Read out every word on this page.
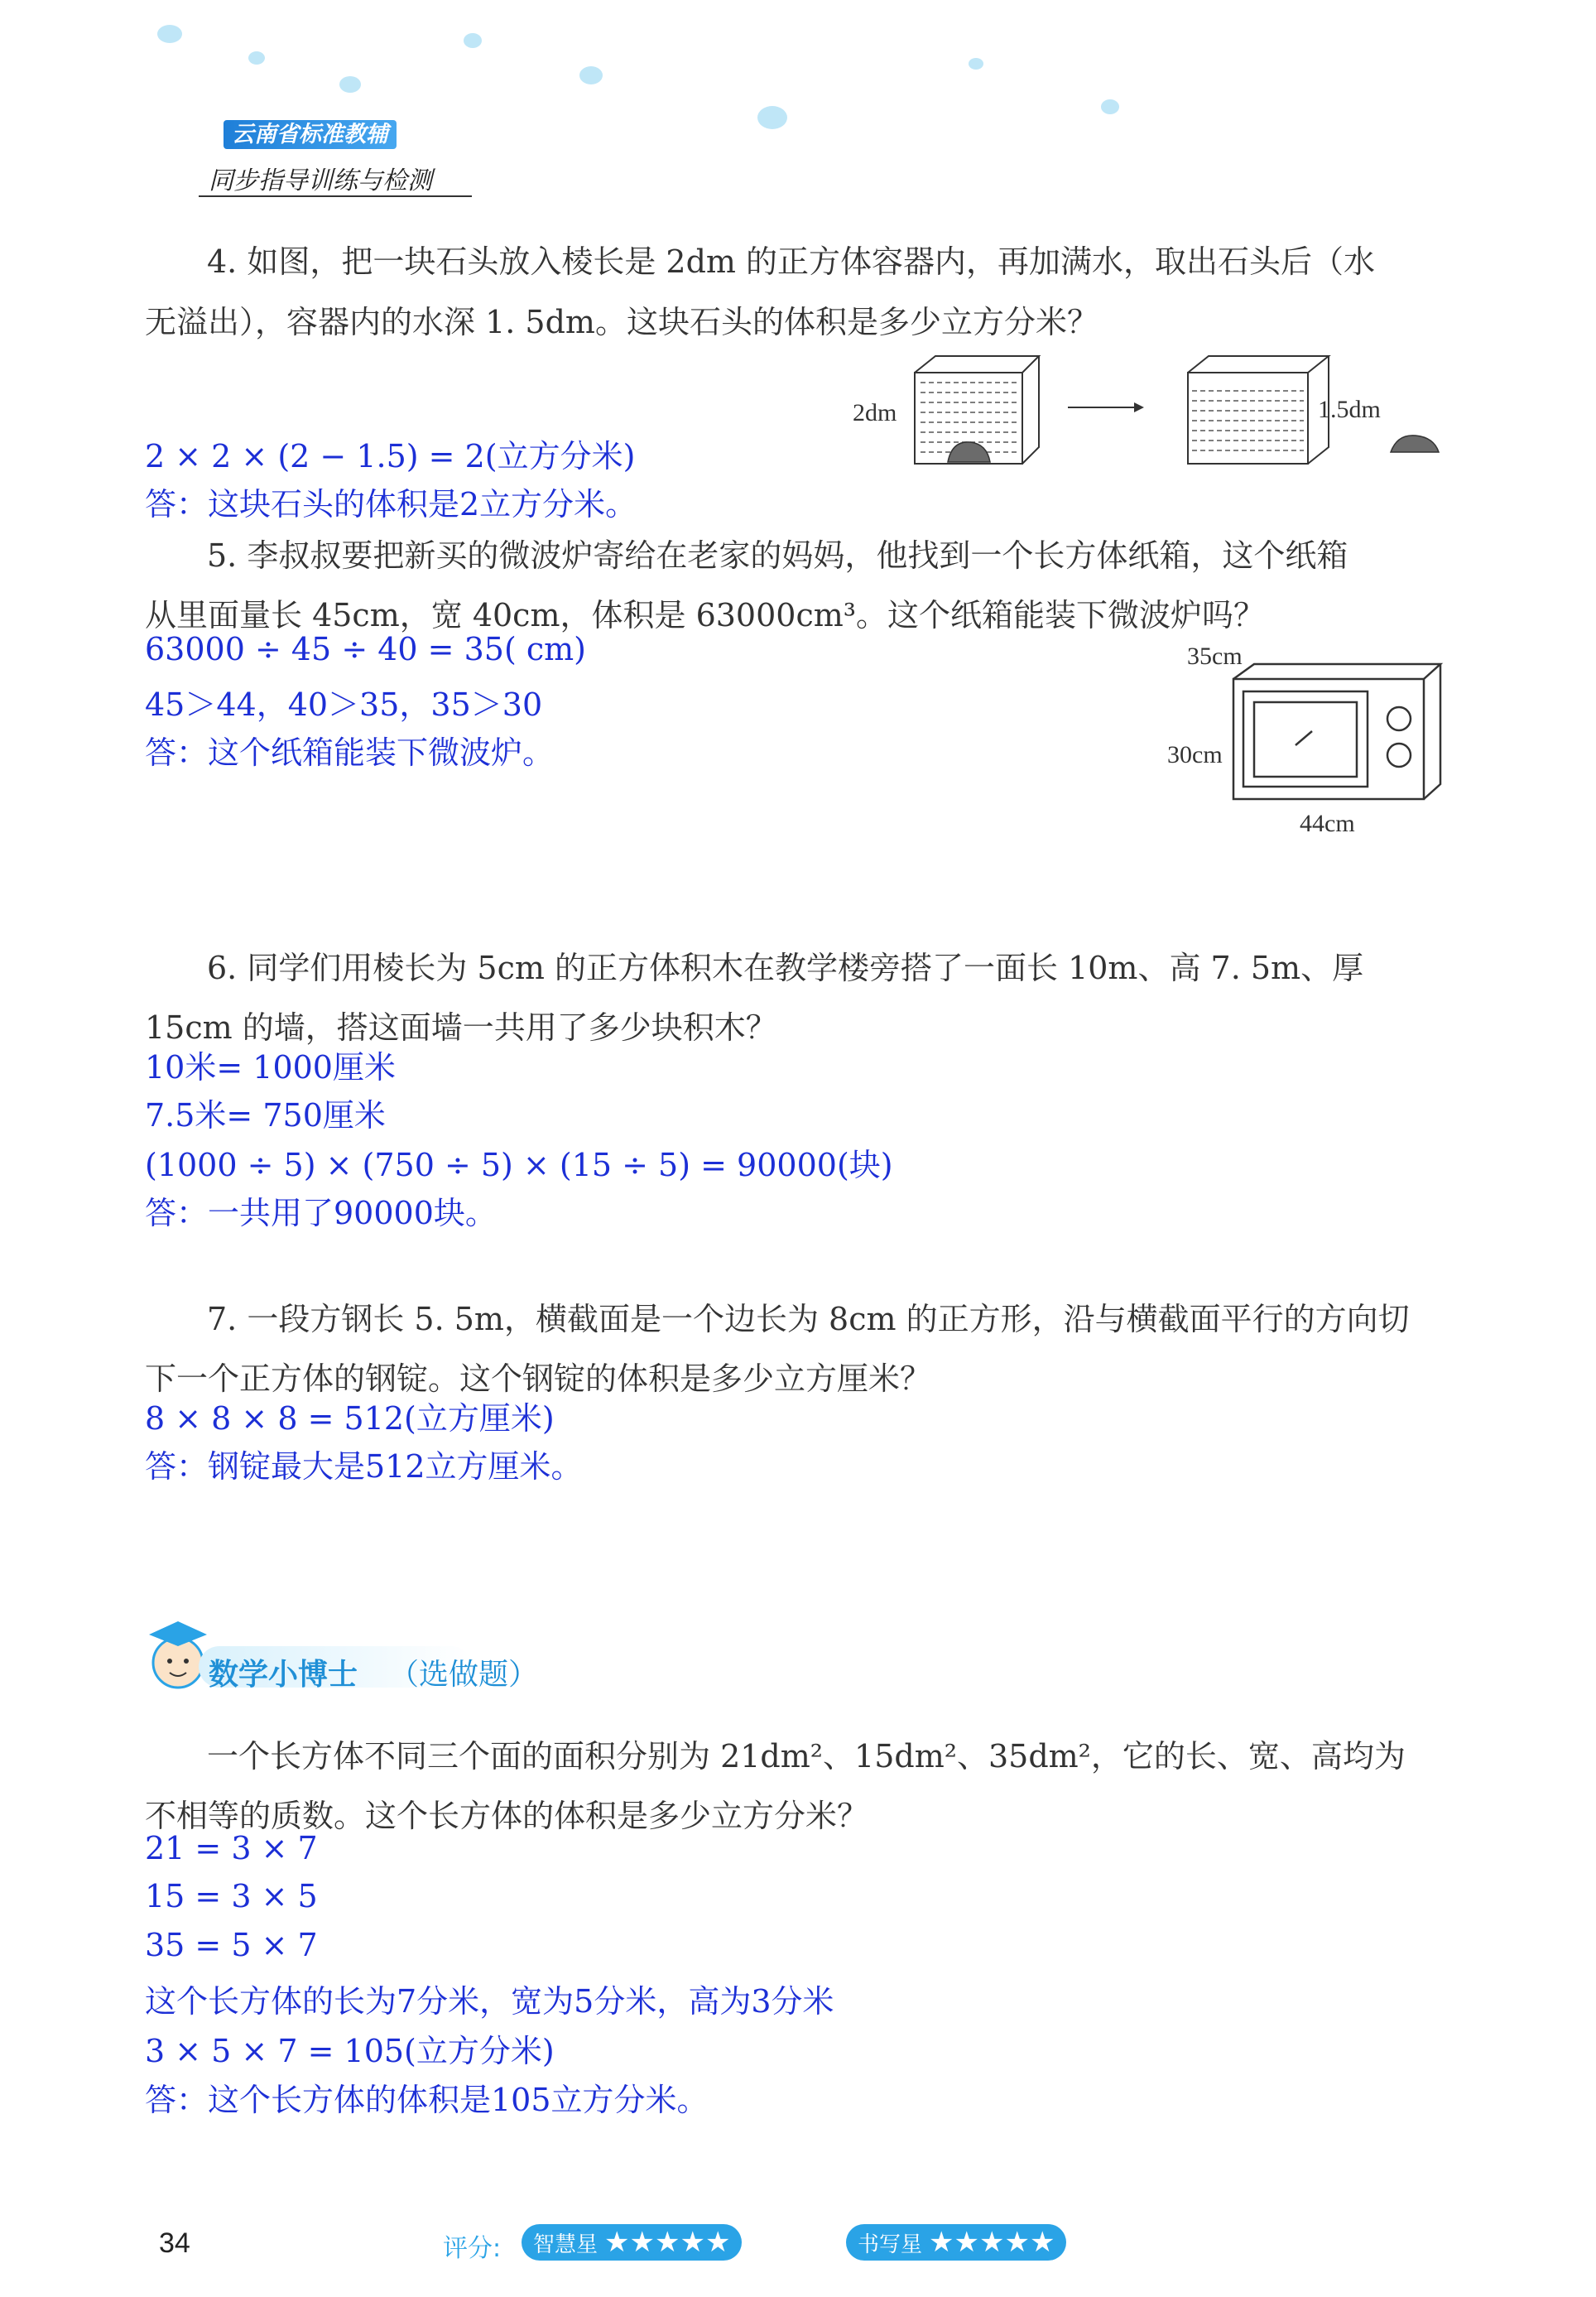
云南省标准教辅
同步指导训练与检测
4. 如图，把一块石头放入棱长是 2dm 的正方体容器内，再加满水，取出石头后（水
无溢出），容器内的水深 1. 5dm。这块石头的体积是多少立方分米？
2dm	1.5dm
2 × 2 × (2 − 1.5) = 2(立方分米)
答：这块石头的体积是2立方分米。
5. 李叔叔要把新买的微波炉寄给在老家的妈妈，他找到一个长方体纸箱，这个纸箱
从里面量长 45cm，宽 40cm，体积是 63000cm³。这个纸箱能装下微波炉吗？
63000 ÷ 45 ÷ 40 = 35( cm)
45＞44，40＞35，35＞30
答：这个纸箱能装下微波炉。
35cm
30cm
44cm
6. 同学们用棱长为 5cm 的正方体积木在教学楼旁搭了一面长 10m、高 7. 5m、厚
15cm 的墙，搭这面墙一共用了多少块积木？
10米= 1000厘米
7.5米= 750厘米
(1000 ÷ 5) × (750 ÷ 5) × (15 ÷ 5) = 90000(块)
答：一共用了90000块。
7. 一段方钢长 5. 5m，横截面是一个边长为 8cm 的正方形，沿与横截面平行的方向切
下一个正方体的钢锭。这个钢锭的体积是多少立方厘米？
8 × 8 × 8 = 512(立方厘米)
答：钢锭最大是512立方厘米。
数学小博士 （选做题）
一个长方体不同三个面的面积分别为 21dm²、15dm²、35dm²，它的长、宽、高均为
不相等的质数。这个长方体的体积是多少立方分米？
21 = 3 × 7
15 = 3 × 5
35 = 5 × 7
这个长方体的长为7分米，宽为5分米，高为3分米
3 × 5 × 7 = 105(立方分米)
答：这个长方体的体积是105立方分米。
34	评分: 智慧星 ★★★★★	书写星 ★★★★★
